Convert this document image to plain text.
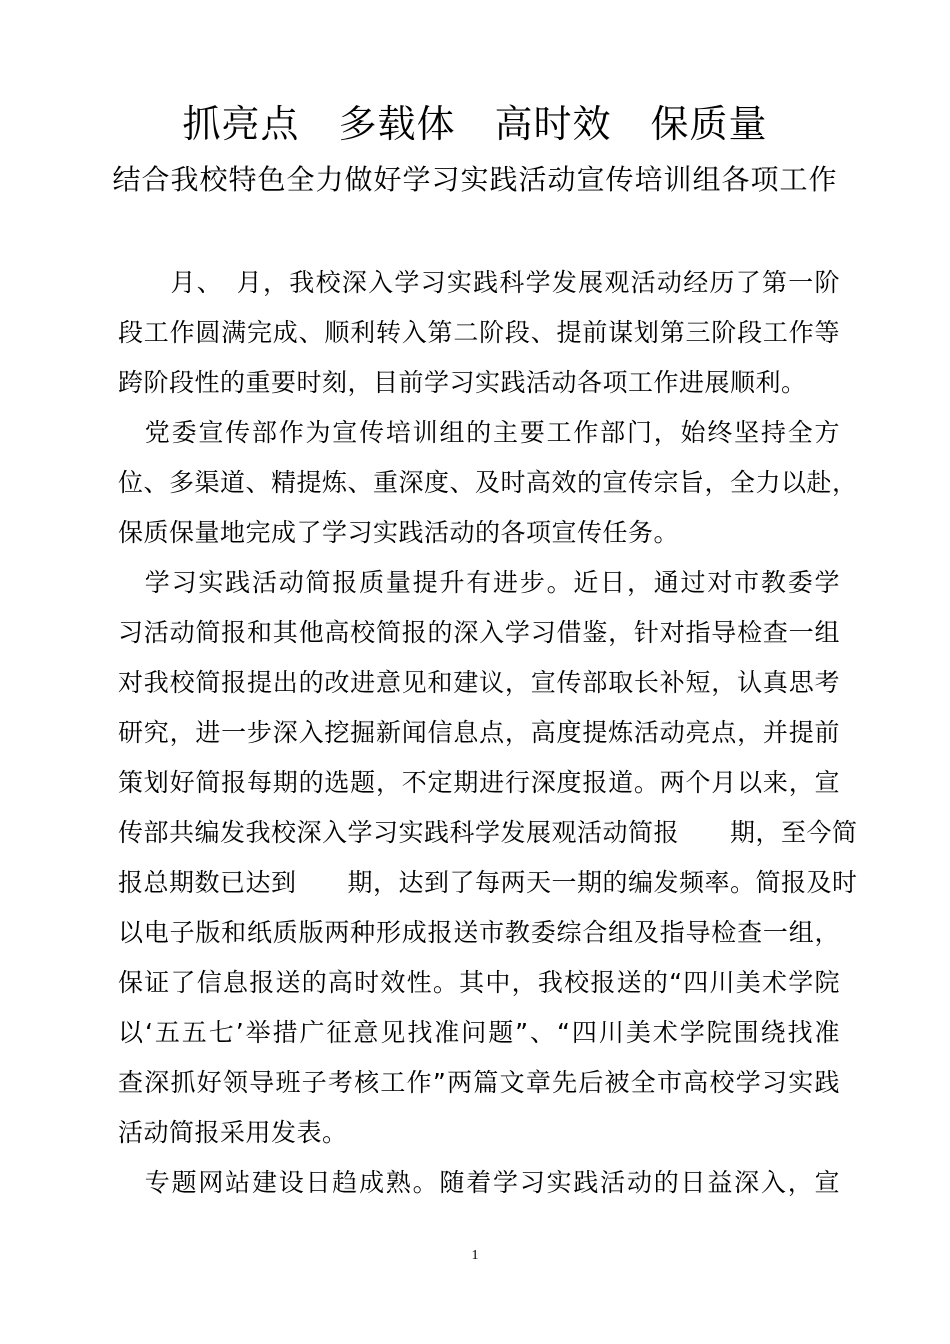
抓亮点　多载体　高时效　保质量
结合我校特色全力做好学习实践活动宣传培训组各项工作
　　月、　月，我校深入学习实践科学发展观活动经历了第一阶
段工作圆满完成、顺利转入第二阶段、提前谋划第三阶段工作等
跨阶段性的重要时刻，目前学习实践活动各项工作进展顺利。
　党委宣传部作为宣传培训组的主要工作部门，始终坚持全方
位、多渠道、精提炼、重深度、及时高效的宣传宗旨，全力以赴，
保质保量地完成了学习实践活动的各项宣传任务。
　学习实践活动简报质量提升有进步。近日，通过对市教委学
习活动简报和其他高校简报的深入学习借鉴，针对指导检查一组
对我校简报提出的改进意见和建议，宣传部取长补短，认真思考
研究，进一步深入挖掘新闻信息点，高度提炼活动亮点，并提前
策划好简报每期的选题，不定期进行深度报道。两个月以来，宣
传部共编发我校深入学习实践科学发展观活动简报　　期，至今简
报总期数已达到　　期，达到了每两天一期的编发频率。简报及时
以电子版和纸质版两种形成报送市教委综合组及指导检查一组，
保证了信息报送的高时效性。其中，我校报送的“四川美术学院
以‘五五七’举措广征意见找准问题”、“四川美术学院围绕找准
查深抓好领导班子考核工作”两篇文章先后被全市高校学习实践
活动简报采用发表。
　专题网站建设日趋成熟。随着学习实践活动的日益深入，宣
1
